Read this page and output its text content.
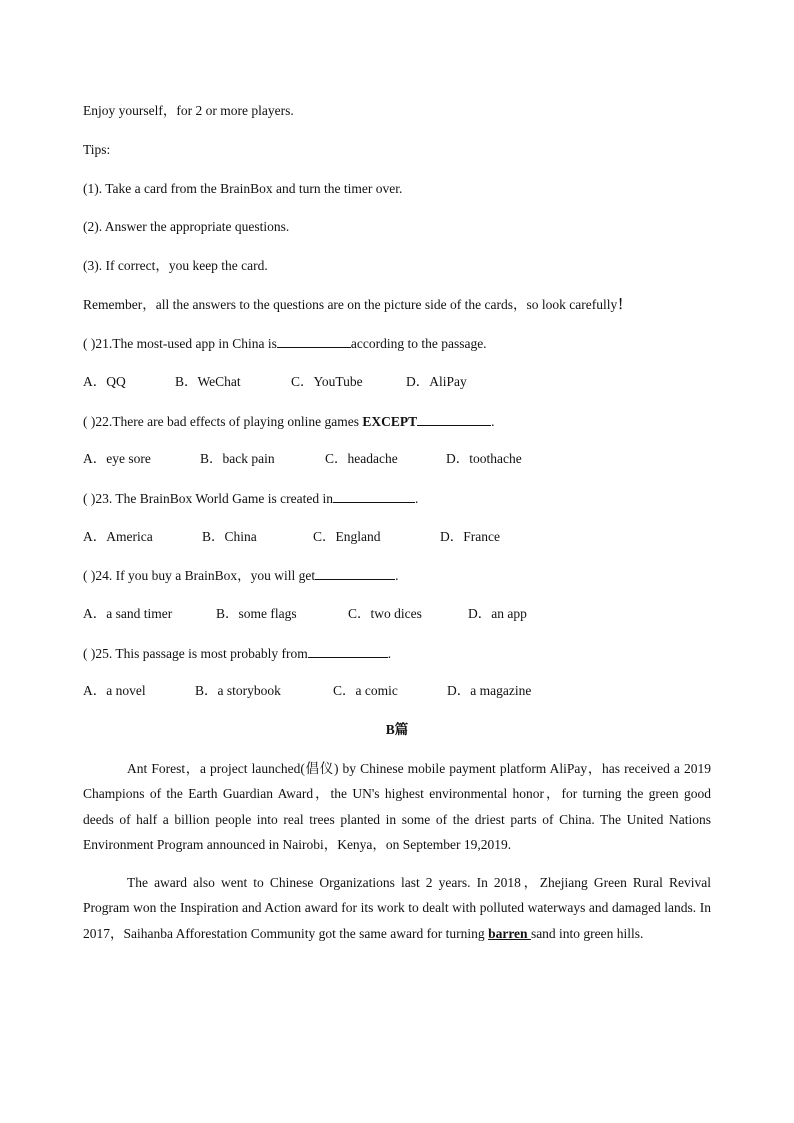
Enjoy yourself，for 2 or more players.
Tips:
(1). Take a card from the BrainBox and turn the timer over.
(2). Answer the appropriate questions.
(3). If correct，you keep the card.
Remember，all the answers to the questions are on the picture side of the cards，so look carefully！
( )21.The most-used app in China is	according to the passage.
A．QQ	B．WeChat	C．YouTube	D．AliPay
( )22.There are bad effects of playing online games EXCEPT	.
A．eye sore	B．back pain	C．headache	D．toothache
( )23. The BrainBox World Game is created in	.
A．America	B．China	C．England	D．France
( )24. If you buy a BrainBox，you will get	.
A．a sand timer	B．some flags	C．two dices	D．an app
( )25. This passage is most probably from	.
A．a novel	B．a storybook	C．a comic	D．a magazine
B篇

Ant Forest，a project launched(倡仪) by Chinese mobile payment platform AliPay，has received a 2019 Champions of the Earth Guardian Award，the UN's highest environmental honor，for turning the green good deeds of half a billion people into real trees planted in some of the driest parts of China. The United Nations Environment Program announced in Nairobi，Kenya，on September 19,2019.

The award also went to Chinese Organizations last 2 years. In 2018，Zhejiang Green Rural Revival Program won the Inspiration and Action award for its work to dealt with polluted waterways and damaged lands. In 2017，Saihanba Afforestation Community got the same award for turning barren sand into green hills.
